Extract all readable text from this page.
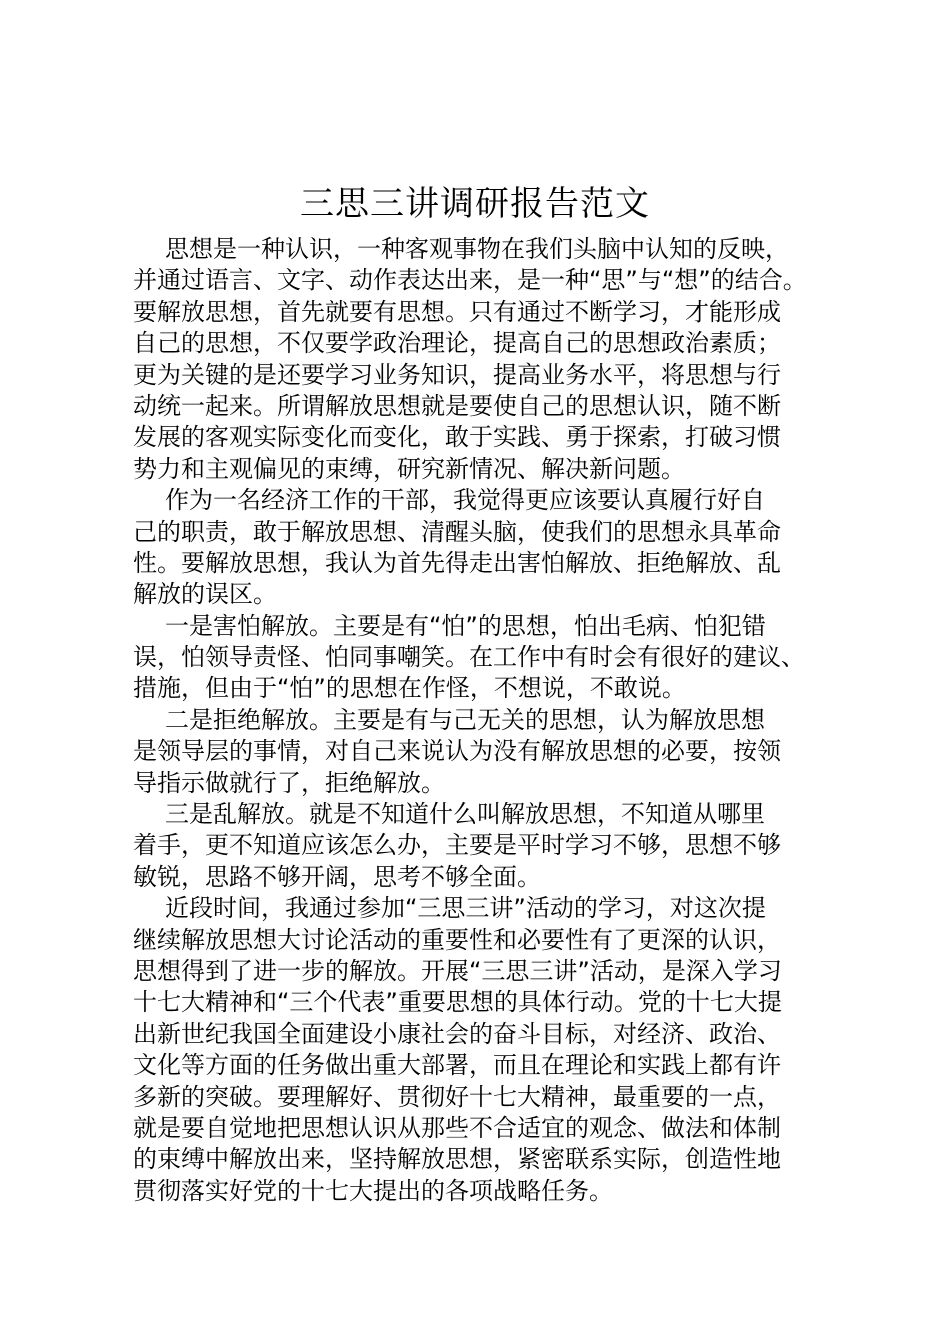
三思三讲调研报告范文
思想是一种认识，一种客观事物在我们头脑中认知的反映，
并通过语言、文字、动作表达出来，是一种“思”与“想”的结合。
要解放思想，首先就要有思想。只有通过不断学习，才能形成
自己的思想，不仅要学政治理论，提高自己的思想政治素质；
更为关键的是还要学习业务知识，提高业务水平，将思想与行
动统一起来。所谓解放思想就是要使自己的思想认识，随不断
发展的客观实际变化而变化，敢于实践、勇于探索，打破习惯
势力和主观偏见的束缚，研究新情况、解决新问题。
作为一名经济工作的干部，我觉得更应该要认真履行好自
己的职责，敢于解放思想、清醒头脑，使我们的思想永具革命
性。要解放思想，我认为首先得走出害怕解放、拒绝解放、乱
解放的误区。
一是害怕解放。主要是有“怕”的思想，怕出毛病、怕犯错
误，怕领导责怪、怕同事嘲笑。在工作中有时会有很好的建议、
措施，但由于“怕”的思想在作怪，不想说，不敢说。
二是拒绝解放。主要是有与己无关的思想，认为解放思想
是领导层的事情，对自己来说认为没有解放思想的必要，按领
导指示做就行了，拒绝解放。
三是乱解放。就是不知道什么叫解放思想，不知道从哪里
着手，更不知道应该怎么办，主要是平时学习不够，思想不够
敏锐，思路不够开阔，思考不够全面。
近段时间，我通过参加“三思三讲”活动的学习，对这次提
继续解放思想大讨论活动的重要性和必要性有了更深的认识，
思想得到了进一步的解放。开展“三思三讲”活动，是深入学习
十七大精神和“三个代表”重要思想的具体行动。党的十七大提
出新世纪我国全面建设小康社会的奋斗目标，对经济、政治、
文化等方面的任务做出重大部署，而且在理论和实践上都有许
多新的突破。要理解好、贯彻好十七大精神，最重要的一点，
就是要自觉地把思想认识从那些不合适宜的观念、做法和体制
的束缚中解放出来，坚持解放思想，紧密联系实际，创造性地
贯彻落实好党的十七大提出的各项战略任务。
